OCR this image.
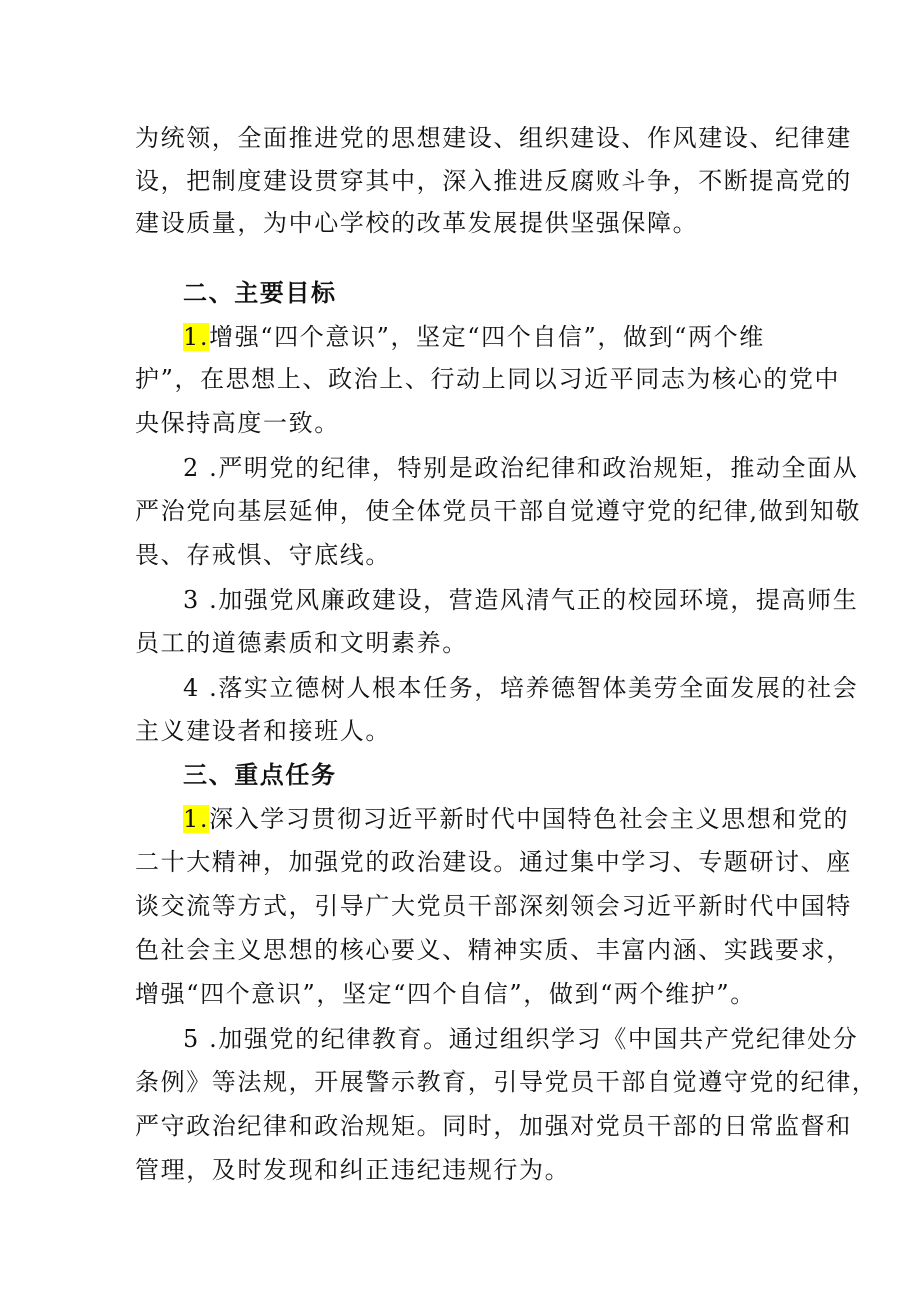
为统领，全面推进党的思想建设、组织建设、作风建设、纪律建
设，把制度建设贯穿其中，深入推进反腐败斗争，不断提高党的
建设质量，为中心学校的改革发展提供坚强保障。
二、主要目标
1.增强“四个意识”，坚定“四个自信”，做到“两个维
护”，在思想上、政治上、行动上同以习近平同志为核心的党中
央保持高度一致。
2 .严明党的纪律，特别是政治纪律和政治规矩，推动全面从
严治党向基层延伸，使全体党员干部自觉遵守党的纪律,做到知敬
畏、存戒惧、守底线。
3 .加强党风廉政建设，营造风清气正的校园环境，提高师生
员工的道德素质和文明素养。
4 .落实立德树人根本任务，培养德智体美劳全面发展的社会
主义建设者和接班人。
三、重点任务
1.深入学习贯彻习近平新时代中国特色社会主义思想和党的
二十大精神，加强党的政治建设。通过集中学习、专题研讨、座
谈交流等方式，引导广大党员干部深刻领会习近平新时代中国特
色社会主义思想的核心要义、精神实质、丰富内涵、实践要求，
增强“四个意识”，坚定“四个自信”，做到“两个维护”。
5 .加强党的纪律教育。通过组织学习《中国共产党纪律处分
条例》等法规，开展警示教育，引导党员干部自觉遵守党的纪律，
严守政治纪律和政治规矩。同时，加强对党员干部的日常监督和
管理，及时发现和纠正违纪违规行为。
